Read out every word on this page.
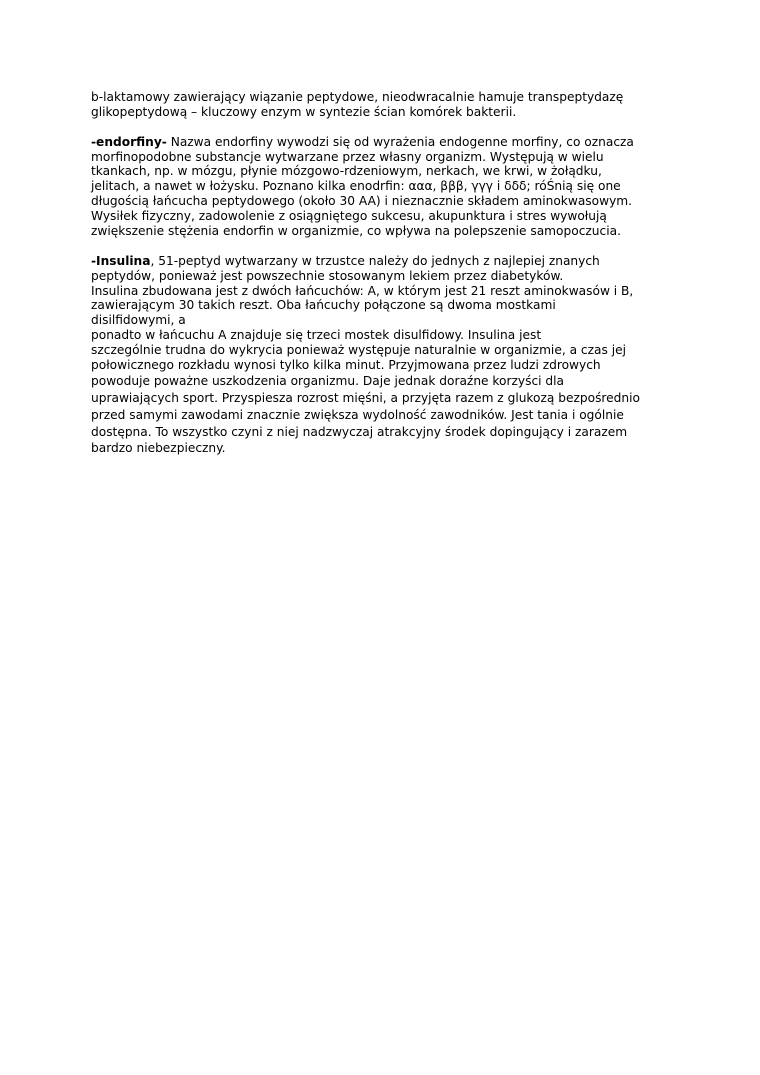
b-laktamowy zawierający wiązanie peptydowe, nieodwracalnie hamuje transpeptydazę
glikopeptydową – kluczowy enzym w syntezie ścian komórek bakterii.
-endorfiny- Nazwa endorfiny wywodzi się od wyrażenia endogenne morfiny, co oznacza
morfinopodobne substancje wytwarzane przez własny organizm. Występują w wielu
tkankach, np. w mózgu, płynie mózgowo-rdzeniowym, nerkach, we krwi, w żołądku,
jelitach, a nawet w łożysku. Poznano kilka enodrfin: ααα, βββ, γγγ i δδδ; róŚnią się one
długością łańcucha peptydowego (około 30 AA) i nieznacznie składem aminokwasowym.
Wysiłek fizyczny, zadowolenie z osiągniętego sukcesu, akupunktura i stres wywołują
zwiększenie stężenia endorfin w organizmie, co wpływa na polepszenie samopoczucia.
-Insulina, 51-peptyd wytwarzany w trzustce należy do jednych z najlepiej znanych
peptydów, ponieważ jest powszechnie stosowanym lekiem przez diabetyków.
Insulina zbudowana jest z dwóch łańcuchów: A, w którym jest 21 reszt aminokwasów i B,
zawierającym 30 takich reszt. Oba łańcuchy połączone są dwoma mostkami
disilfidowymi, a
ponadto w łańcuchu A znajduje się trzeci mostek disulfidowy. Insulina jest
szczególnie trudna do wykrycia ponieważ występuje naturalnie w organizmie, a czas jej
połowicznego rozkładu wynosi tylko kilka minut. Przyjmowana przez ludzi zdrowych
powoduje poważne uszkodzenia organizmu. Daje jednak doraźne korzyści dla
uprawiających sport. Przyspiesza rozrost mięśni, a przyjęta razem z glukozą bezpośrednio
przed samymi zawodami znacznie zwiększa wydolność zawodników. Jest tania i ogólnie
dostępna. To wszystko czyni z niej nadzwyczaj atrakcyjny środek dopingujący i zarazem
bardzo niebezpieczny.
